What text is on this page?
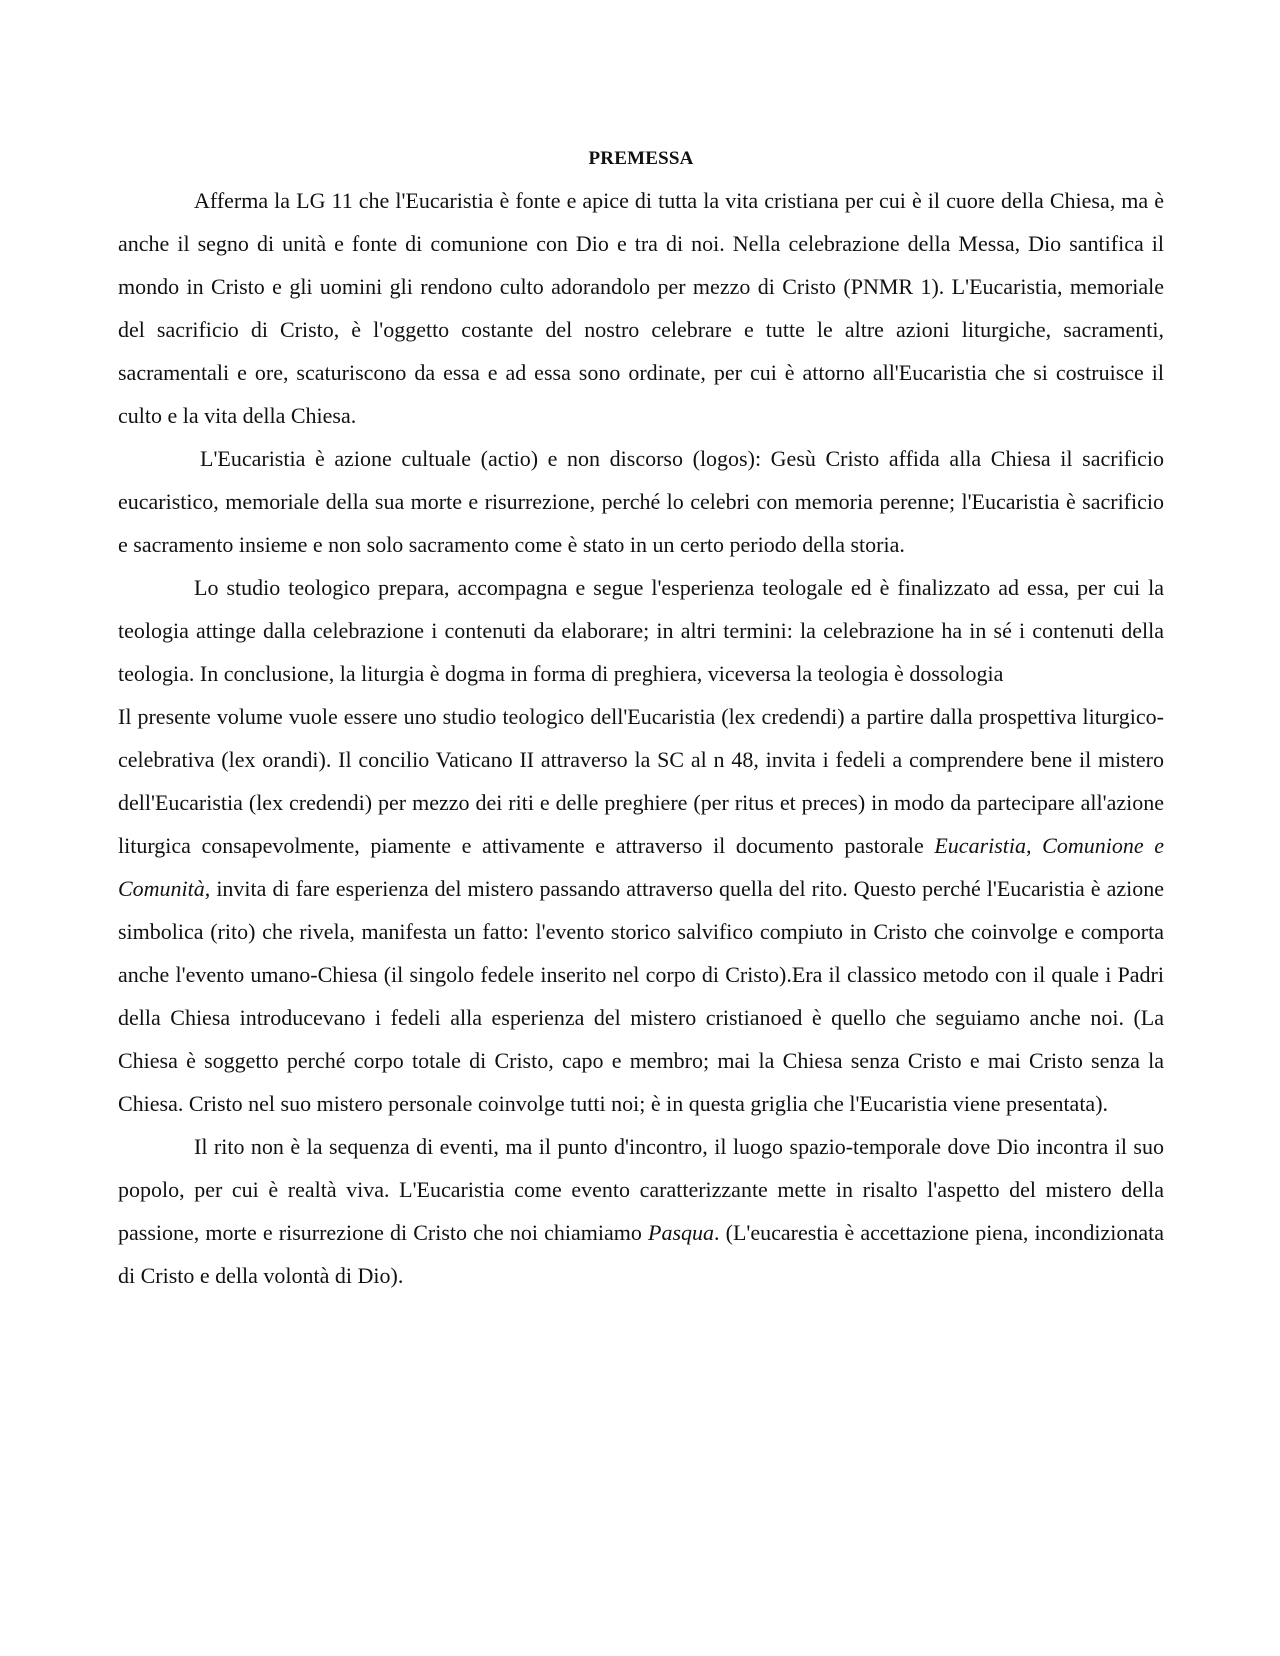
PREMESSA

Afferma la LG 11 che l'Eucaristia è fonte e apice di tutta la vita cristiana per cui è il cuore della Chiesa, ma è anche il segno di unità e fonte di comunione con Dio e tra di noi. Nella celebrazione della Messa, Dio santifica il mondo in Cristo e gli uomini gli rendono culto adorandolo per mezzo di Cristo (PNMR 1). L'Eucaristia, memoriale del sacrificio di Cristo, è l'oggetto costante del nostro celebrare e tutte le altre azioni liturgiche, sacramenti, sacramentali e ore, scaturiscono da essa e ad essa sono ordinate, per cui è attorno all'Eucaristia che si costruisce il culto e la vita della Chiesa.

L'Eucaristia è azione cultuale (actio) e non discorso (logos): Gesù Cristo affida alla Chiesa il sacrificio eucaristico, memoriale della sua morte e risurrezione, perché lo celebri con memoria perenne; l'Eucaristia è sacrificio e sacramento insieme e non solo sacramento come è stato in un certo periodo della storia.

Lo studio teologico prepara, accompagna e segue l'esperienza teologale ed è finalizzato ad essa, per cui la teologia attinge dalla celebrazione i contenuti da elaborare; in altri termini: la celebrazione ha in sé i contenuti della teologia. In conclusione, la liturgia è dogma in forma di preghiera, viceversa la teologia è dossologia

Il presente volume vuole essere uno studio teologico dell'Eucaristia (lex credendi) a partire dalla prospettiva liturgico-celebrativa (lex orandi). Il concilio Vaticano II attraverso la SC al n 48, invita i fedeli a comprendere bene il mistero dell'Eucaristia (lex credendi) per mezzo dei riti e delle preghiere (per ritus et preces) in modo da partecipare all'azione liturgica consapevolmente, piamente e attivamente e attraverso il documento pastorale Eucaristia, Comunione e Comunità, invita di fare esperienza del mistero passando attraverso quella del rito. Questo perché l'Eucaristia è azione simbolica (rito) che rivela, manifesta un fatto: l'evento storico salvifico compiuto in Cristo che coinvolge e comporta anche l'evento umano-Chiesa (il singolo fedele inserito nel corpo di Cristo).Era il classico metodo con il quale i Padri della Chiesa introducevano i fedeli alla esperienza del mistero cristianoed è quello che seguiamo anche noi. (La Chiesa è soggetto perché corpo totale di Cristo, capo e membro; mai la Chiesa senza Cristo e mai Cristo senza la Chiesa. Cristo nel suo mistero personale coinvolge tutti noi; è in questa griglia che l'Eucaristia viene presentata).

Il rito non è la sequenza di eventi, ma il punto d'incontro, il luogo spazio-temporale dove Dio incontra il suo popolo, per cui è realtà viva. L'Eucaristia come evento caratterizzante mette in risalto l'aspetto del mistero della passione, morte e risurrezione di Cristo che noi chiamiamo Pasqua. (L'eucarestia è accettazione piena, incondizionata di Cristo e della volontà di Dio).
